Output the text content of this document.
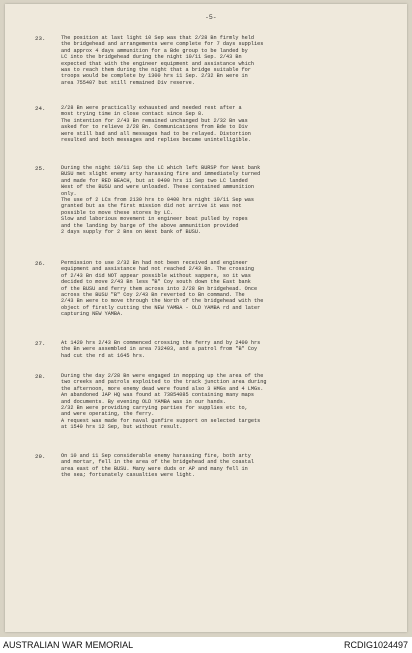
-5-
23.	The position at last light 10 Sep was that 2/28 Bn firmly held
the bridgehead and arrangements were complete for 7 days supplies
and approx 4 days ammunition for a Bde group to be landed by
LC into the bridgehead during the night 10/11 Sep. 2/43 Bn
expected that with the engineer equipment and assistance which
was to reach them during the night that a bridge suitable for
troops would be complete by 1300 hrs 11 Sep. 2/32 Bn were in
area 755407 but still remained Div reserve.
24.	2/28 Bn were practically exhausted and needed rest after a
most trying time in close contact since Sep 8.
The intention for 2/43 Bn remained unchanged but 2/32 Bn was
asked for to relieve 2/28 Bn. Communications from Bde to Div
were still bad and all messages had to be relayed. Distortion
resulted and both messages and replies became unintelligible.
25.	During the night 10/11 Sep the LC which left BURSP for West bank
BUSU met slight enemy arty harassing fire and immediately turned
and made for RED BEACH, but at 0400 hrs 11 Sep two LC landed
West of the BUSU and were unloaded. These contained ammunition
only.
The use of 2 LCs from 2130 hrs to 0400 hrs night 10/11 Sep was
granted but as the first mission did not arrive it was not
possible to move these stores by LC.
Slow and laborious movement in engineer boat pulled by ropes
and the landing by barge of the above ammunition provided
2 days supply for 2 Bns on West bank of BUSU.
26.	Permission to use 2/32 Bn had not been received and engineer
equipment and assistance had not reached 2/43 Bn. The crossing
of 2/43 Bn did NOT appear possible without sappers, so it was
decided to move 2/43 Bn less "B" Coy south down the East bank
of the BUSU and ferry them across into 2/28 Bn bridgehead. Once
across the BUSU "B" Coy 2/43 Bn reverted to Bn command. The
2/43 Bn were to move through the North of the bridgehead with the
object of firstly cutting the NEW YAMBA - OLD YAMBA rd and later
capturing NEW YAMBA.
27.	At 1420 hrs 2/43 Bn commenced crossing the ferry and by 2400 hrs
the Bn were assembled in area 732403, and a patrol from "B" Coy
had cut the rd at 1645 hrs.
28.	During the day 2/28 Bn were engaged in mopping up the area of the
two creeks and patrols exploited to the track junction area during
the afternoon, more enemy dead were found also 3 HMGs and 4 LMGs.
An abandoned JAP HQ was found at 73854085 containing many maps
and documents. By evening OLD YAMBA was in our hands.
2/32 Bn were providing carrying parties for supplies etc to,
and were operating, the ferry.
A request was made for naval gunfire support on selected targets
at 1540 hrs 12 Sep, but without result.
29.	On 10 and 11 Sep considerable enemy harassing fire, both arty
and mortar, fell in the area of the bridgehead and the coastal
area east of the BUSU. Many were duds or AP and many fell in
the sea; fortunately casualties were light.
AUSTRALIAN WAR MEMORIAL	RCDIG1024497
